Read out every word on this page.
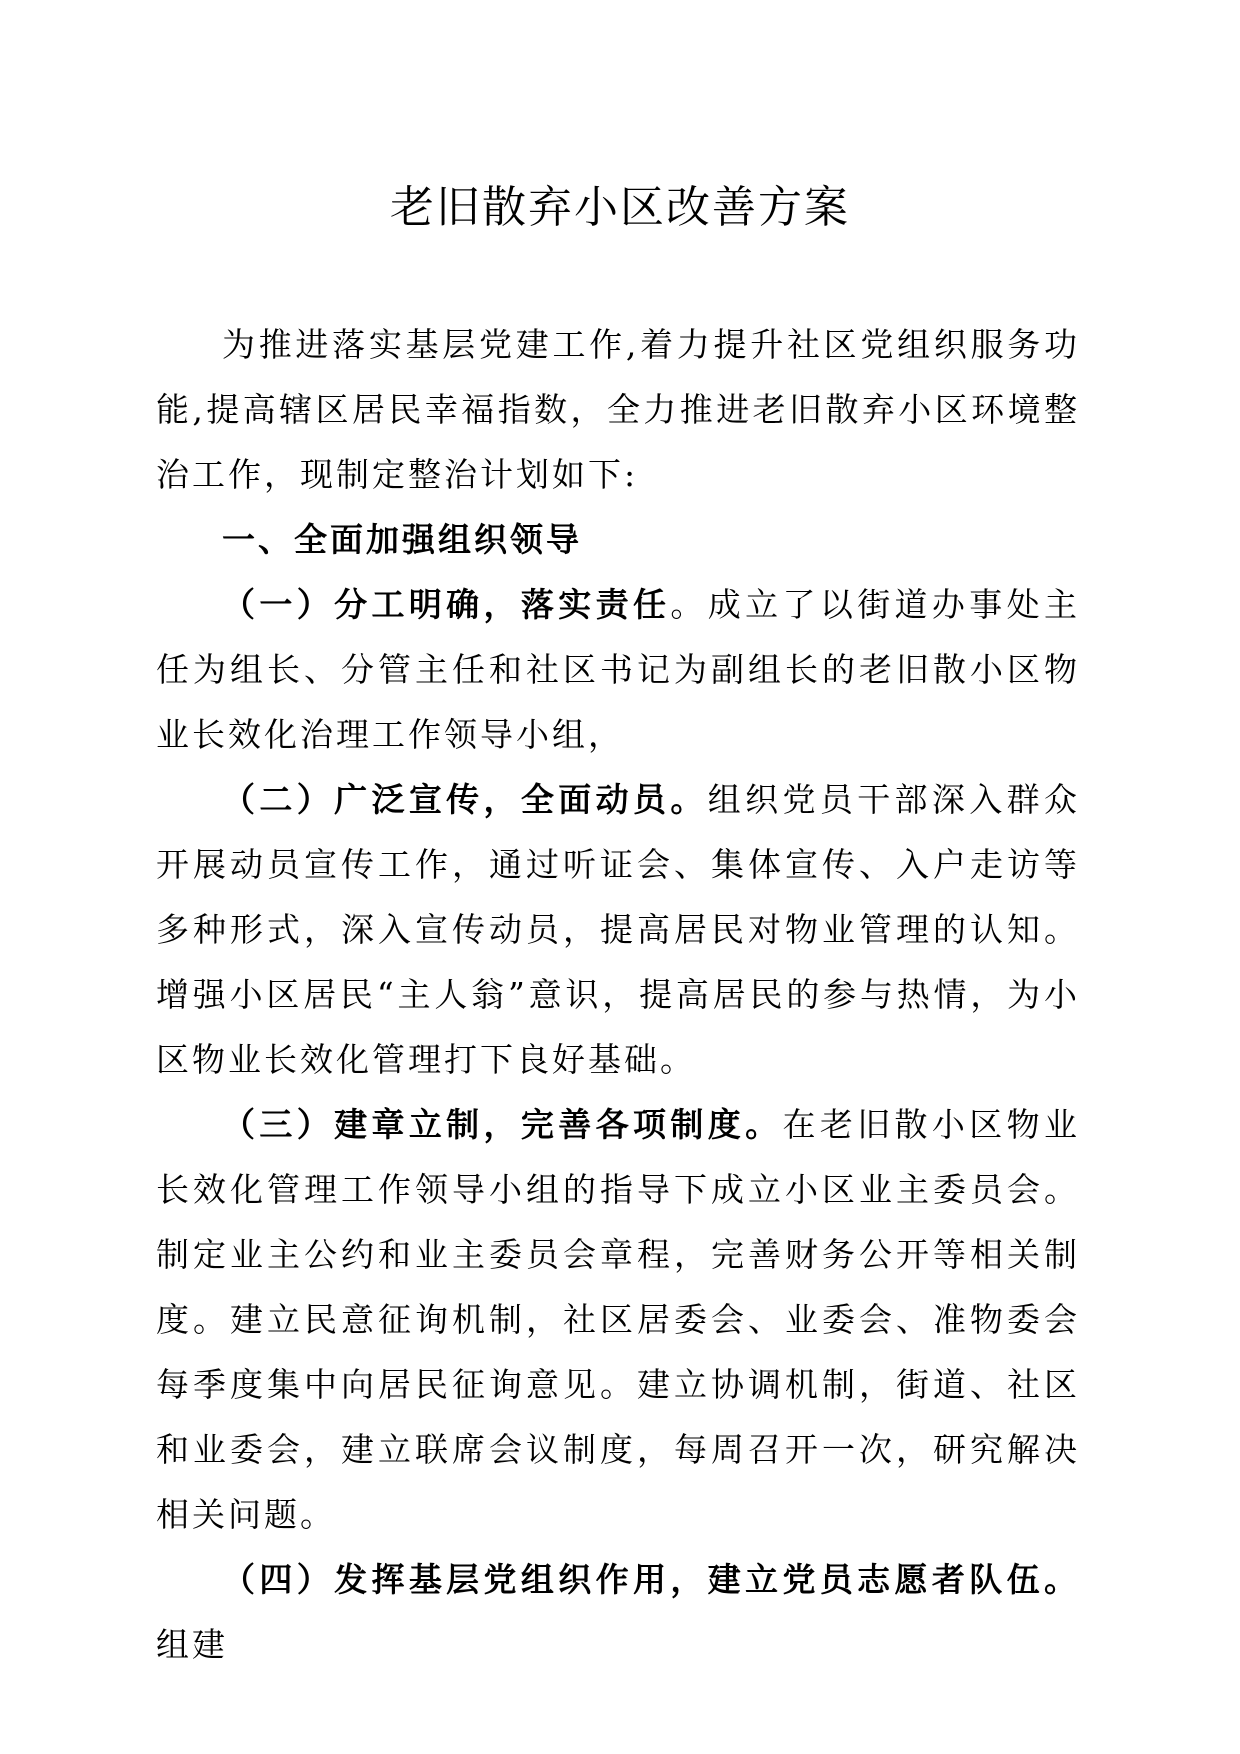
老旧散弃小区改善方案

为推进落实基层党建工作,着力提升社区党组织服务功能,提高辖区居民幸福指数，全力推进老旧散弃小区环境整治工作，现制定整治计划如下:

一、全面加强组织领导

（一）分工明确，落实责任。成立了以街道办事处主任为组长、分管主任和社区书记为副组长的老旧散小区物业长效化治理工作领导小组，

（二）广泛宣传，全面动员。组织党员干部深入群众开展动员宣传工作，通过听证会、集体宣传、入户走访等多种形式，深入宣传动员，提高居民对物业管理的认知。增强小区居民“主人翁”意识，提高居民的参与热情，为小区物业长效化管理打下良好基础。

（三）建章立制，完善各项制度。在老旧散小区物业长效化管理工作领导小组的指导下成立小区业主委员会。制定业主公约和业主委员会章程，完善财务公开等相关制度。建立民意征询机制，社区居委会、业委会、准物委会每季度集中向居民征询意见。建立协调机制，街道、社区和业委会，建立联席会议制度，每周召开一次，研究解决相关问题。

（四）发挥基层党组织作用，建立党员志愿者队伍。组建
